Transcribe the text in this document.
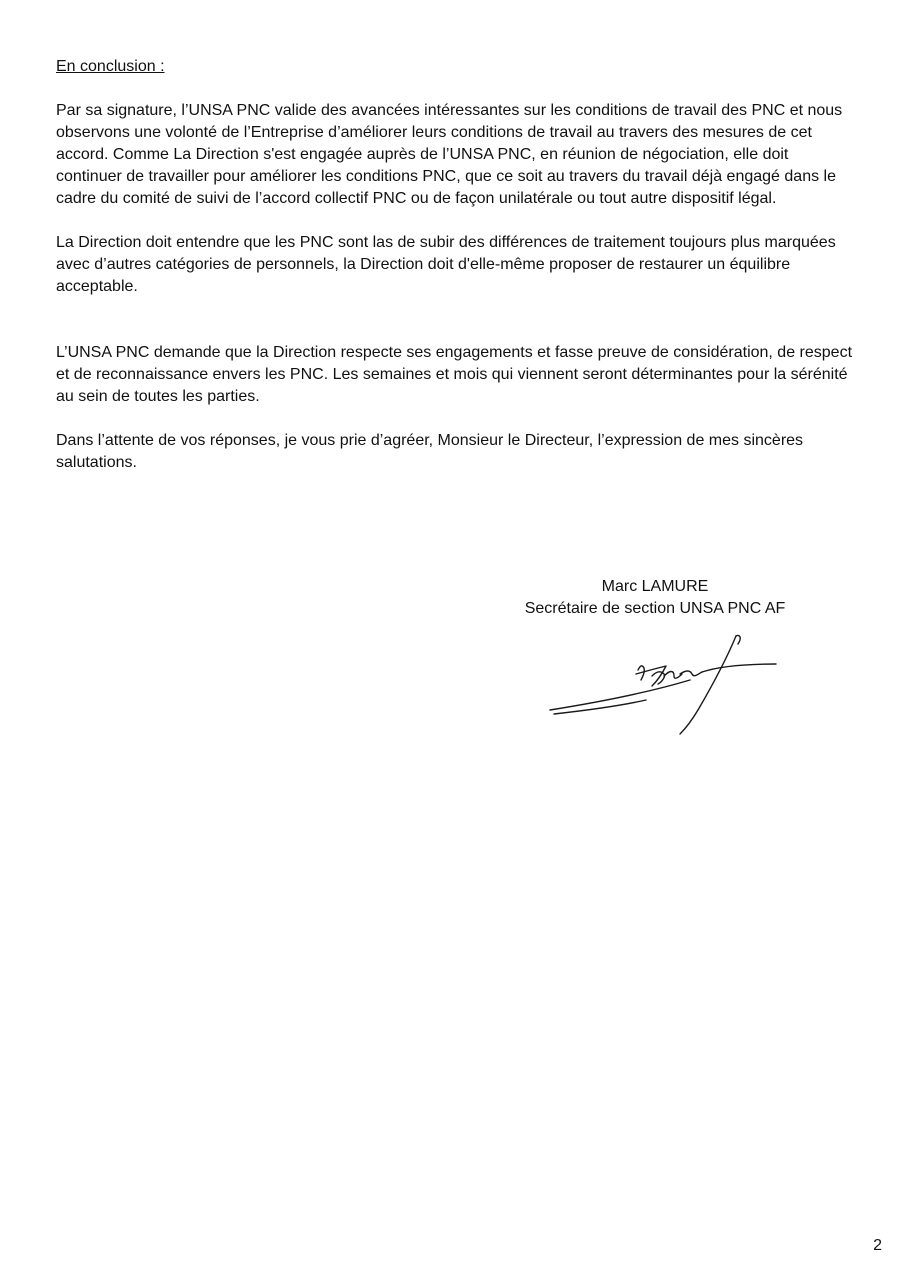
En conclusion :

Par sa signature, l’UNSA PNC valide des avancées intéressantes sur les conditions de travail des PNC et nous observons une volonté de l’Entreprise d’améliorer leurs conditions de travail au travers des mesures de cet accord. Comme La Direction s'est engagée auprès de l’UNSA PNC, en réunion de négociation, elle doit continuer de travailler pour améliorer les conditions PNC, que ce soit au travers du travail déjà engagé dans le cadre du comité de suivi de l’accord collectif PNC ou de façon unilatérale ou tout autre dispositif légal.

La Direction doit entendre que les PNC sont las de subir des différences de traitement toujours plus marquées avec d’autres catégories de personnels, la Direction doit d'elle-même proposer de restaurer un équilibre acceptable.

L’UNSA PNC demande que la Direction respecte ses engagements et fasse preuve de considération, de respect et de reconnaissance envers les PNC. Les semaines et mois qui viennent seront déterminantes pour la sérénité au sein de toutes les parties.

Dans l’attente de vos réponses, je vous prie d’agréer, Monsieur le Directeur, l’expression de mes sincères salutations.

Marc LAMURE
Secrétaire de section UNSA PNC AF
2
